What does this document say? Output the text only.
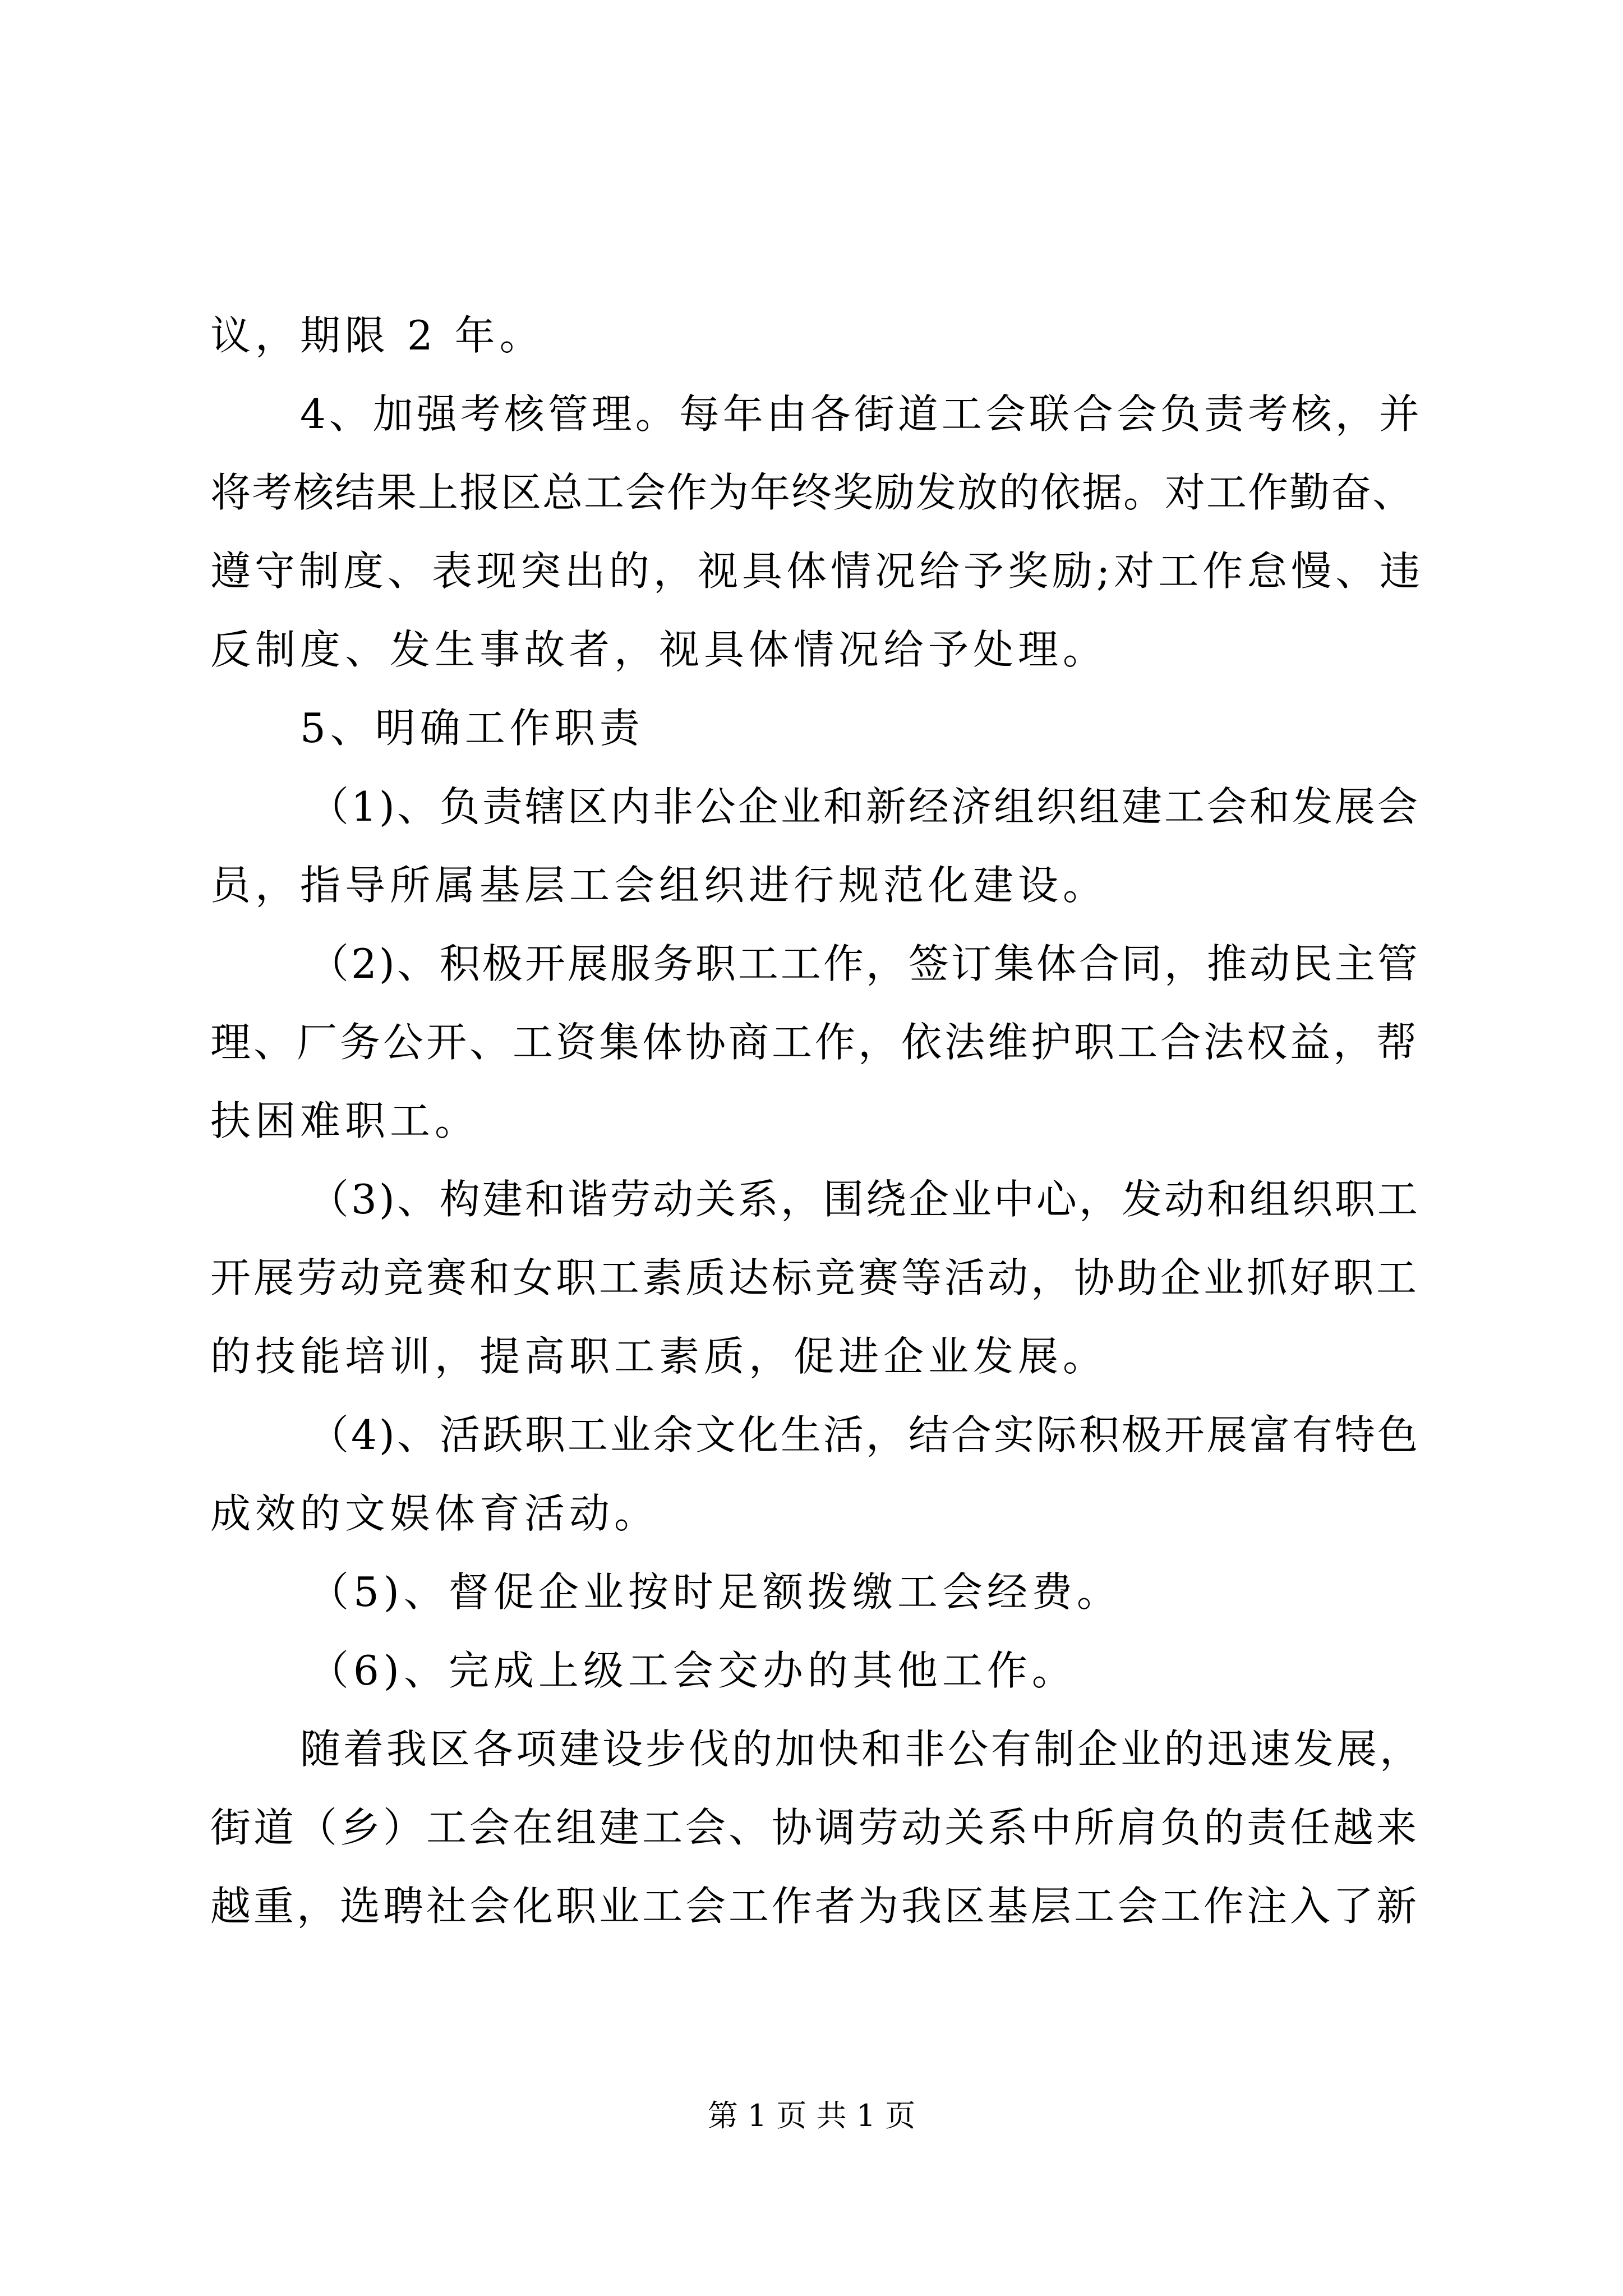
议，期限 2 年。
4、加强考核管理。每年由各街道工会联合会负责考核，并
将考核结果上报区总工会作为年终奖励发放的依据。对工作勤奋、
遵守制度、表现突出的，视具体情况给予奖励;对工作怠慢、违
反制度、发生事故者，视具体情况给予处理。
5、明确工作职责
（1)、负责辖区内非公企业和新经济组织组建工会和发展会
员，指导所属基层工会组织进行规范化建设。
（2)、积极开展服务职工工作，签订集体合同，推动民主管
理、厂务公开、工资集体协商工作，依法维护职工合法权益，帮
扶困难职工。
（3)、构建和谐劳动关系，围绕企业中心，发动和组织职工
开展劳动竞赛和女职工素质达标竞赛等活动，协助企业抓好职工
的技能培训，提高职工素质，促进企业发展。
（4)、活跃职工业余文化生活，结合实际积极开展富有特色
成效的文娱体育活动。
（5)、督促企业按时足额拨缴工会经费。
（6)、完成上级工会交办的其他工作。
随着我区各项建设步伐的加快和非公有制企业的迅速发展，
街道（乡）工会在组建工会、协调劳动关系中所肩负的责任越来
越重，选聘社会化职业工会工作者为我区基层工会工作注入了新
第 1 页 共 1 页
